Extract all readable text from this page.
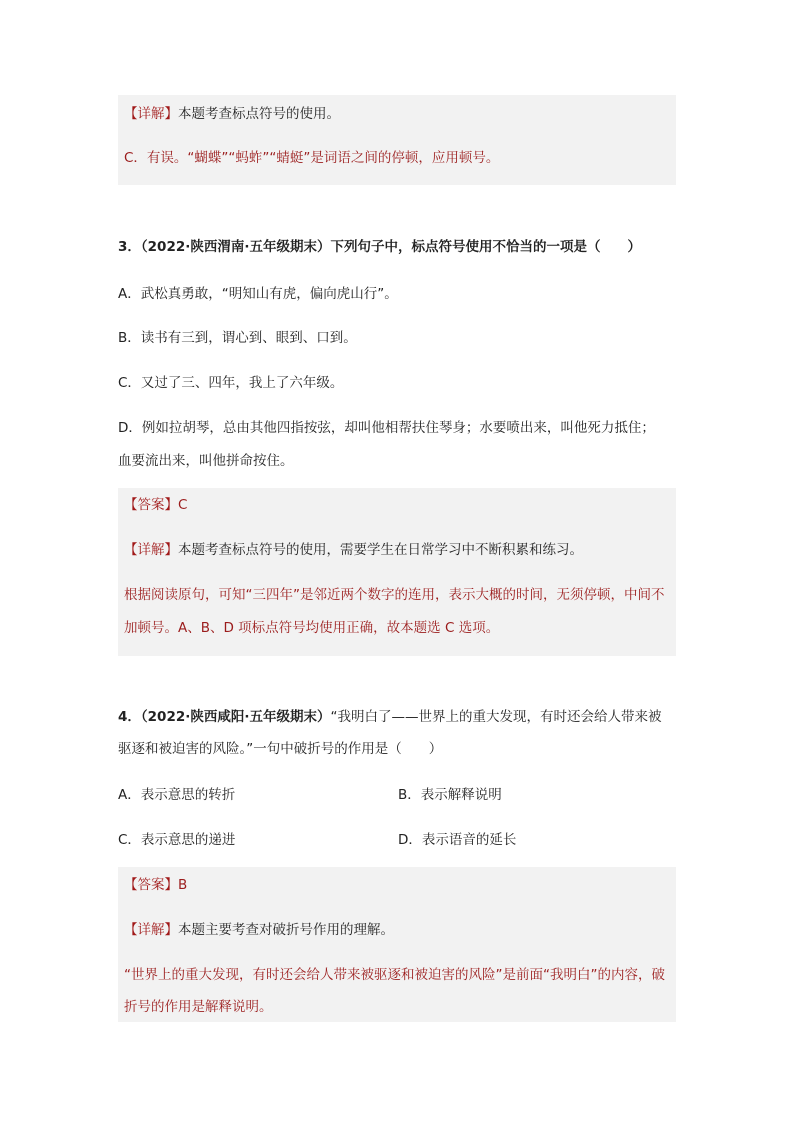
【详解】本题考查标点符号的使用。
C．有误。“蝴蝶”“蚂蚱”“蜻蜓”是词语之间的停顿，应用顿号。
3．（2022·陕西渭南·五年级期末）下列句子中，标点符号使用不恰当的一项是（　　）
A．武松真勇敢，“明知山有虎，偏向虎山行”。
B．读书有三到，谓心到、眼到、口到。
C．又过了三、四年，我上了六年级。
D．例如拉胡琴，总由其他四指按弦，却叫他相帮扶住琴身；水要喷出来，叫他死力抵住；
血要流出来，叫他拼命按住。
【答案】C
【详解】本题考查标点符号的使用，需要学生在日常学习中不断积累和练习。
根据阅读原句，可知“三四年”是邻近两个数字的连用，表示大概的时间，无须停顿，中间不
加顿号。A、B、D 项标点符号均使用正确，故本题选 C 选项。
4．（2022·陕西咸阳·五年级期末）“我明白了——世界上的重大发现，有时还会给人带来被
驱逐和被迫害的风险。”一句中破折号的作用是（　　）
A．表示意思的转折	B．表示解释说明
C．表示意思的递进	D．表示语音的延长
【答案】B
【详解】本题主要考查对破折号作用的理解。
“世界上的重大发现，有时还会给人带来被驱逐和被迫害的风险”是前面“我明白”的内容，破
折号的作用是解释说明。
